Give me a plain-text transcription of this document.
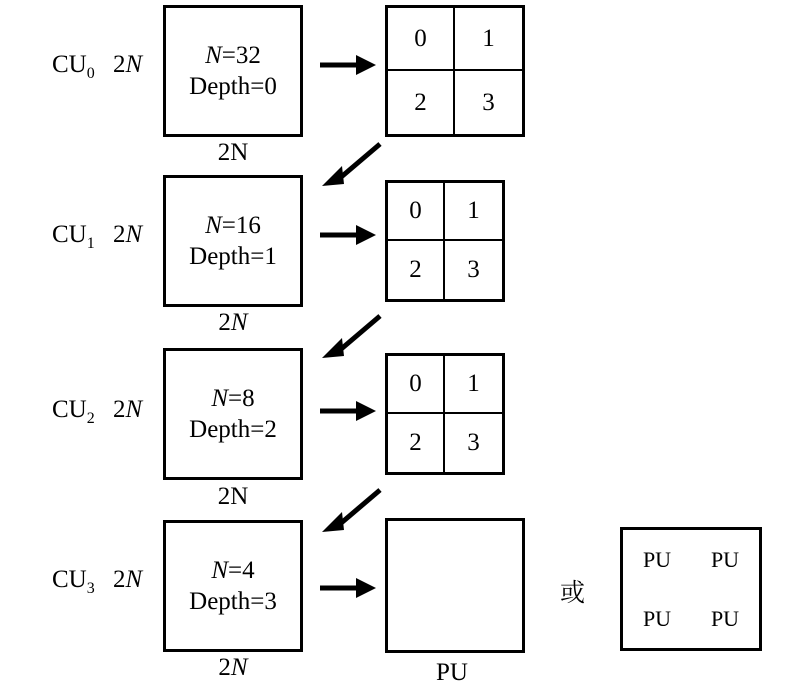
$CU_0$ 2N	N=32
Depth=0
2N
0	1
2	3
$CU_1$ 2N	N=16
Depth=1
2N
0	1
2	3
$CU_2$ 2N	N=8
Depth=2
2N
0	1
2	3
$CU_3$ 2N	N=4
Depth=3
2N	PU
或
PU	PU
PU	PU
